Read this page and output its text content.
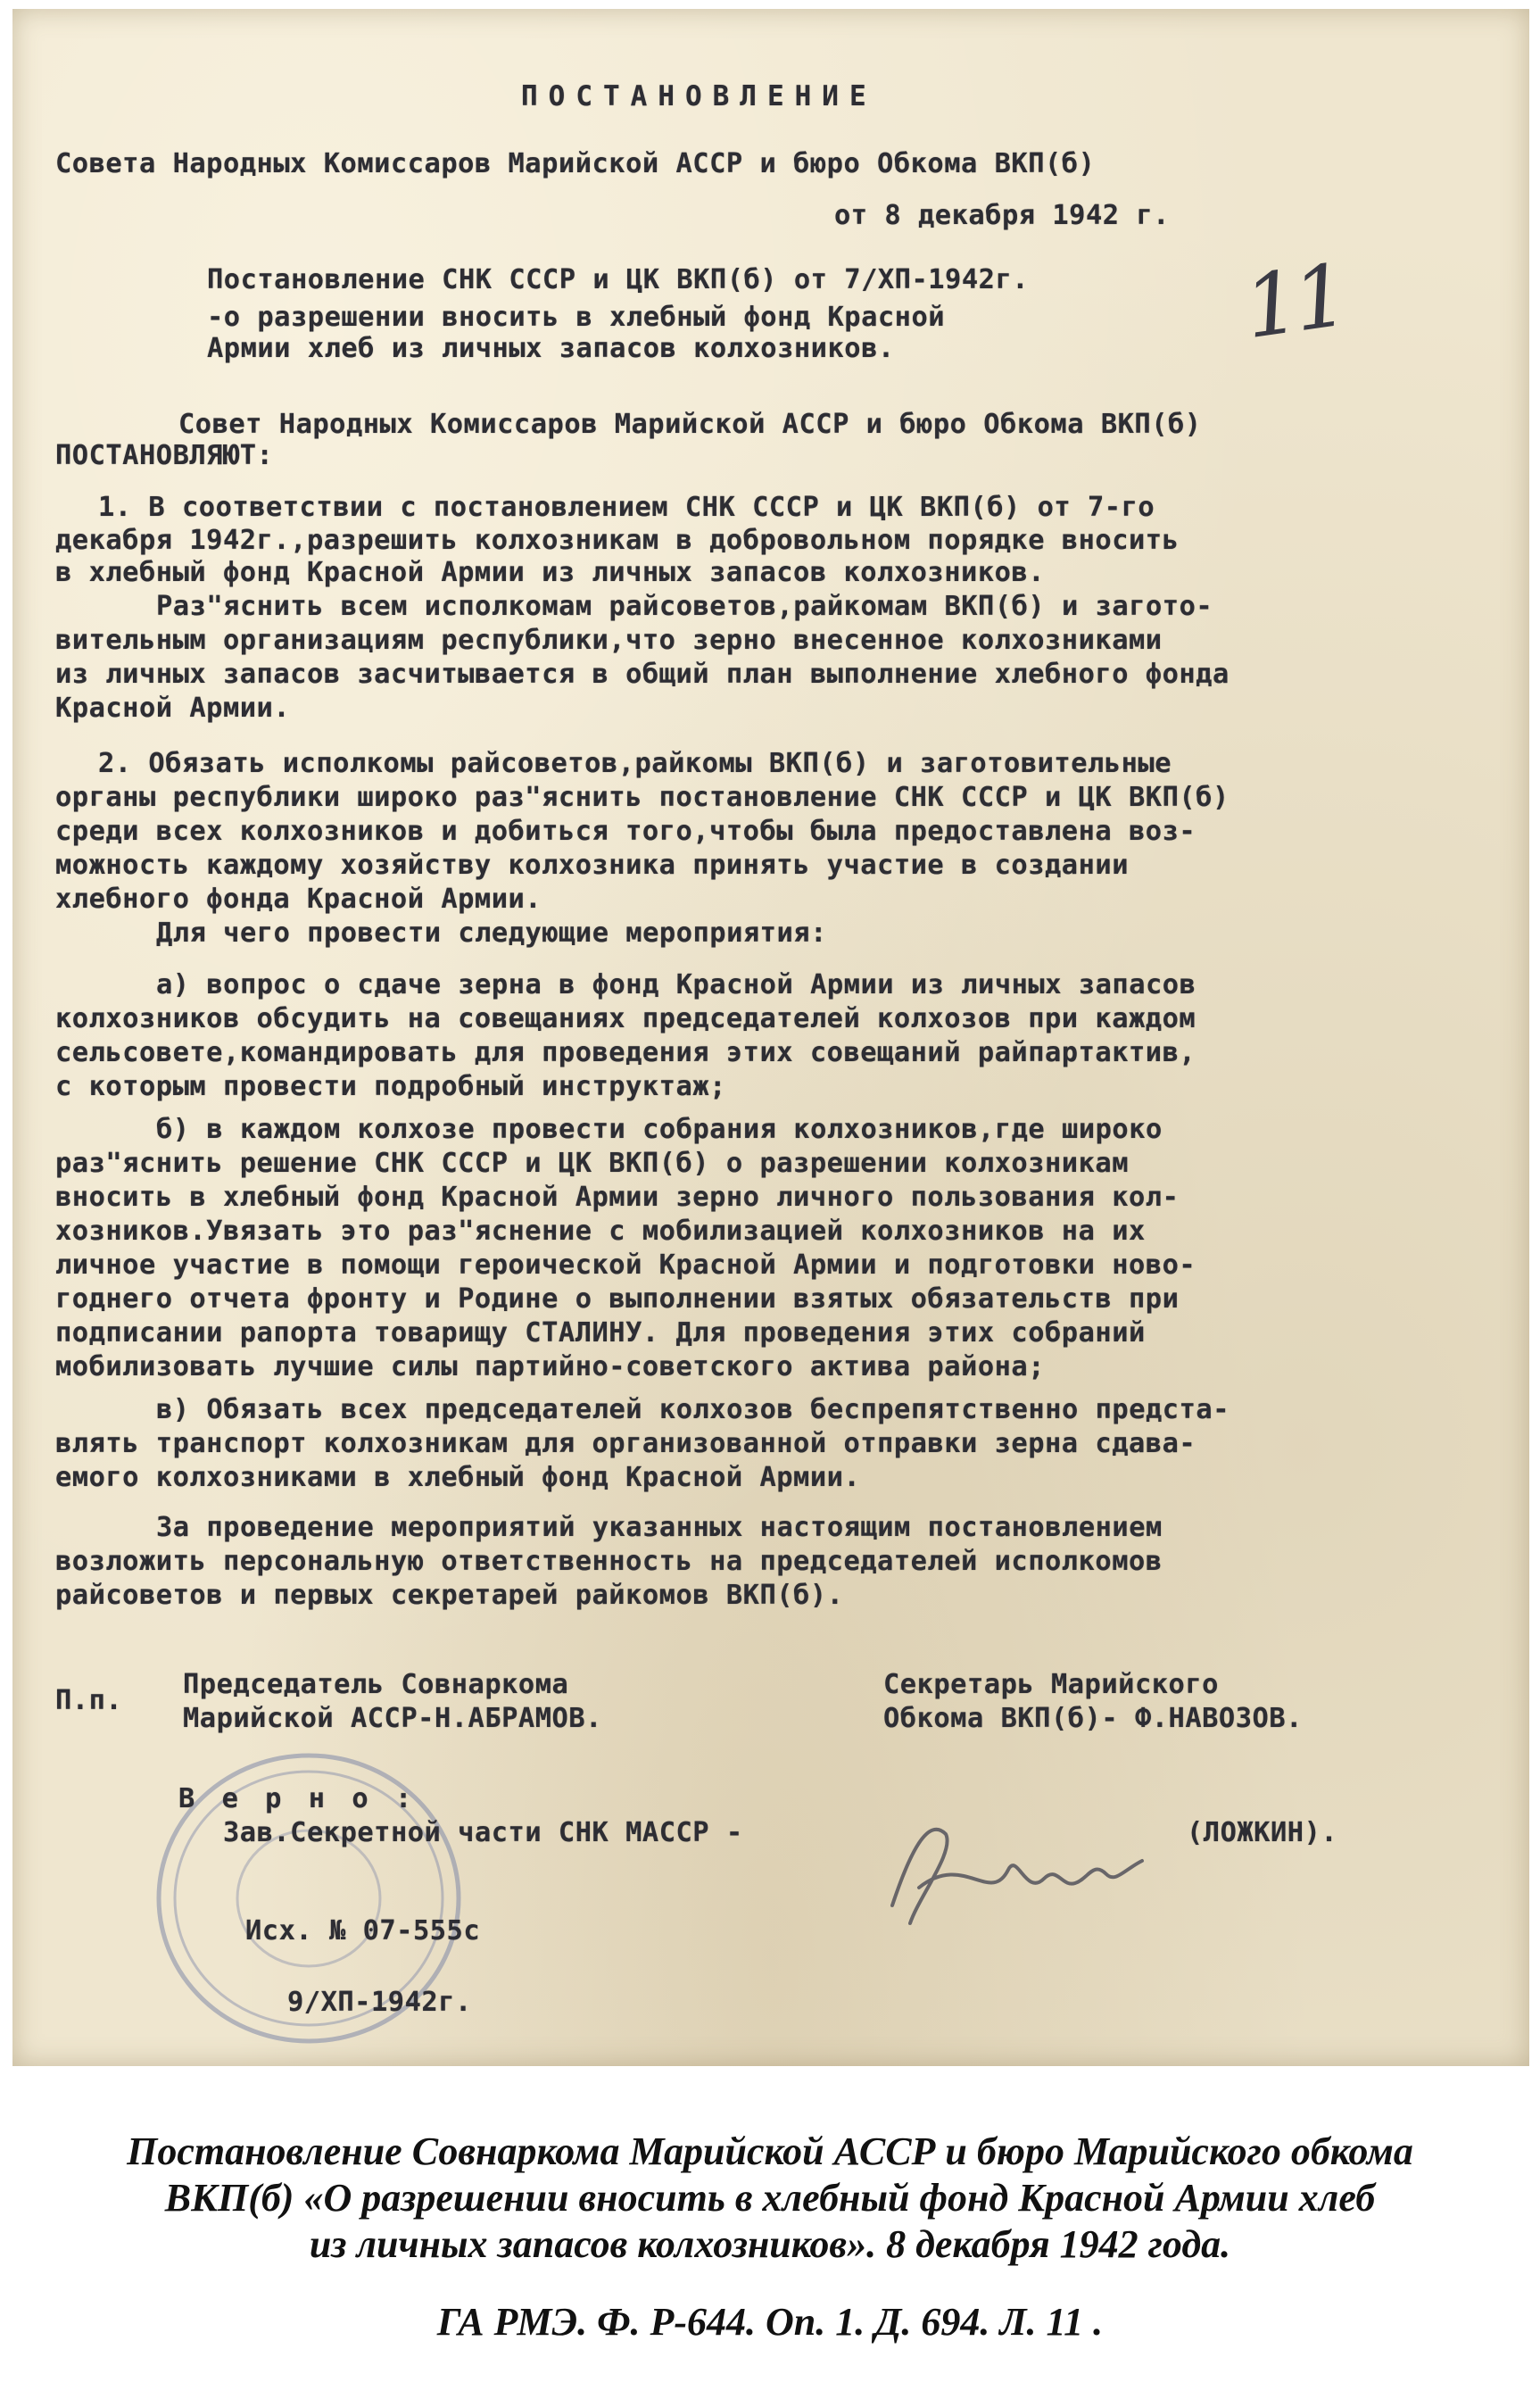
ПОСТАНОВЛЕНИЕ

Совета Народных Комиссаров Марийской АССР и бюро Обкома ВКП(б)

от 8 декабря 1942 г.

Постановление СНК СССР и ЦК ВКП(б) от 7/ХП-1942г.

-о разрешении вносить в хлебный фонд Красной

Армии хлеб из личных запасов колхозников.	11

Совет Народных Комиссаров Марийской АССР и бюро Обкома ВКП(б)

ПОСТАНОВЛЯЮТ:

1. В соответствии с постановлением СНК СССР и ЦК ВКП(б) от 7-го

декабря 1942г.,разрешить колхозникам в добровольном порядке вносить

в хлебный фонд Красной Армии из личных запасов колхозников.

Раз"яснить всем исполкомам райсоветов,райкомам ВКП(б) и загото-

вительным организациям республики,что зерно внесенное колхозниками

из личных запасов засчитывается в общий план выполнение хлебного фонда

Красной Армии.

2. Обязать исполкомы райсоветов,райкомы ВКП(б) и заготовительные

органы республики широко раз"яснить постановление СНК СССР и ЦК ВКП(б)

среди всех колхозников и добиться того,чтобы была предоставлена воз-

можность каждому хозяйству колхозника принять участие в создании

хлебного фонда Красной Армии.

Для чего провести следующие мероприятия:

а) вопрос о сдаче зерна в фонд Красной Армии из личных запасов

колхозников обсудить на совещаниях председателей колхозов при каждом

сельсовете,командировать для проведения этих совещаний райпартактив,

с которым провести подробный инструктаж;

б) в каждом колхозе провести собрания колхозников,где широко

раз"яснить решение СНК СССР и ЦК ВКП(б) о разрешении колхозникам

вносить в хлебный фонд Красной Армии зерно личного пользования кол-

хозников.Увязать это раз"яснение с мобилизацией колхозников на их

личное участие в помощи героической Красной Армии и подготовки ново-

годнего отчета фронту и Родине о выполнении взятых обязательств при

подписании рапорта товарищу СТАЛИНУ. Для проведения этих собраний

мобилизовать лучшие силы партийно-советского актива района;

в) Обязать всех председателей колхозов беспрепятственно предста-

влять транспорт колхозникам для организованной отправки зерна сдава-

емого колхозниками в хлебный фонд Красной Армии.

За проведение мероприятий указанных настоящим постановлением

возложить персональную ответственность на председателей исполкомов

райсоветов и первых секретарей райкомов ВКП(б).

П.п.

Председатель Совнаркома

Марийской АССР-Н.АБРАМОВ.

Секретарь Марийского

Обкома ВКП(б)- Ф.НАВОЗОВ.

В е р н о :

Зав.Секретной части СНК МАССР -	(ЛОЖКИН).

Исх. № 07-555с

9/ХП-1942г.

Постановление Совнаркома Марийской АССР и бюро Марийского обкома

ВКП(б) «О разрешении вносить в хлебный фонд Красной Армии хлеб

из личных запасов колхозников». 8 декабря 1942 года.

ГА РМЭ. Ф. Р-644. Оп. 1. Д. 694. Л. 11 .
